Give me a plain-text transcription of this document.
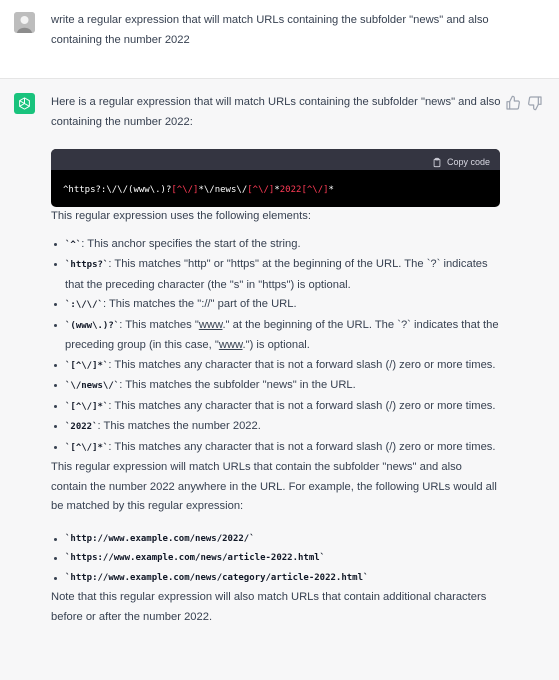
write a regular expression that will match URLs containing the subfolder "news" and also containing the number 2022

Here is a regular expression that will match URLs containing the subfolder "news" and also containing the number 2022:

Copy code
^https?:\/\/(www\.)?[^\/]*\/news\/[^\/]*2022[^\/]*

This regular expression uses the following elements:

`^`: This anchor specifies the start of the string.
`https?`: This matches "http" or "https" at the beginning of the URL. The `?` indicates that the preceding character (the "s" in "https") is optional.
`:\/\/`: This matches the "://" part of the URL.
`(www\.)?`: This matches "www." at the beginning of the URL. The `?` indicates that the preceding group (in this case, "www.") is optional.
`[^\/]*`: This matches any character that is not a forward slash (/) zero or more times.
`\/news\/`: This matches the subfolder "news" in the URL.
`[^\/]*`: This matches any character that is not a forward slash (/) zero or more times.
`2022`: This matches the number 2022.
`[^\/]*`: This matches any character that is not a forward slash (/) zero or more times.

This regular expression will match URLs that contain the subfolder "news" and also contain the number 2022 anywhere in the URL. For example, the following URLs would all be matched by this regular expression:

`http://www.example.com/news/2022/`
`https://www.example.com/news/article-2022.html`
`http://www.example.com/news/category/article-2022.html`

Note that this regular expression will also match URLs that contain additional characters before or after the number 2022.
